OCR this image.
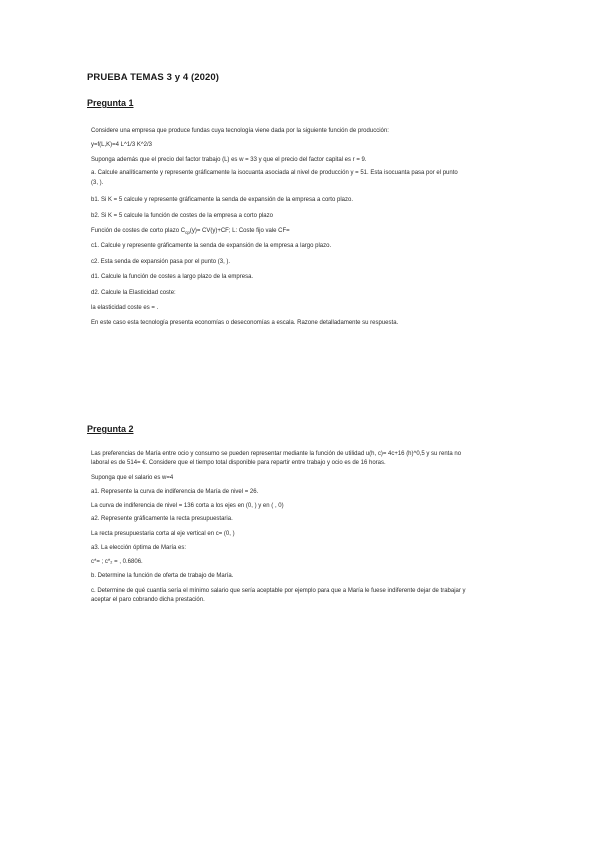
PRUEBA TEMAS 3 y 4 (2020)
Pregunta 1
Considere una empresa que produce fundas cuya tecnología viene dada por la siguiente función de producción:
y=f(L,K)=4 L^1/3 K^2/3
Suponga además que el precio del factor trabajo (L) es w = 33 y que el precio del factor capital es r = 9.
a. Calcule analíticamente y represente gráficamente la isocuanta asociada al nivel de producción y = 51. Esta isocuanta pasa por el punto
(3, ).
b1. Si K = 5 calcule y represente gráficamente la senda de expansión de la empresa a corto plazo.
b2. Si K = 5 calcule la función de costes de la empresa a corto plazo
Función de costes de corto plazo $C_{cp}(y)= CV(y)+CF$; L: Coste fijo vale CF=
c1. Calcule y represente gráficamente la senda de expansión de la empresa a largo plazo.
c2. Esta senda de expansión pasa por el punto (3, ).
d1. Calcule la función de costes a largo plazo de la empresa.
d2. Calcule la Elasticidad coste:
la elasticidad coste es = .
En este caso esta tecnología presenta economías o deseconomías a escala. Razone detalladamente su respuesta.
Pregunta 2
Las preferencias de María entre ocio y consumo se pueden representar mediante la función de utilidad u(h, c)= 4c+16 (h)^0,5 y su renta no
laboral es de 514= €. Considere que el tiempo total disponible para repartir entre trabajo y ocio es de 16 horas.
Suponga que el salario es w=4
a1. Represente la curva de indiferencia de María de nivel = 26.
La curva de indiferencia de nivel = 136 corta a los ejes en (0, ) y en ( , 0)
a2. Represente gráficamente la recta presupuestaria.
La recta presupuestaria corta al eje vertical en c= (0, )
a3. La elección óptima de María es:
c*= ; c*₂ = , 0.6806.
b. Determine la función de oferta de trabajo de María.
c. Determine de qué cuantía sería el mínimo salario que sería aceptable por ejemplo para que a María le fuese indiferente dejar de trabajar y
aceptar el paro cobrando dicha prestación.
